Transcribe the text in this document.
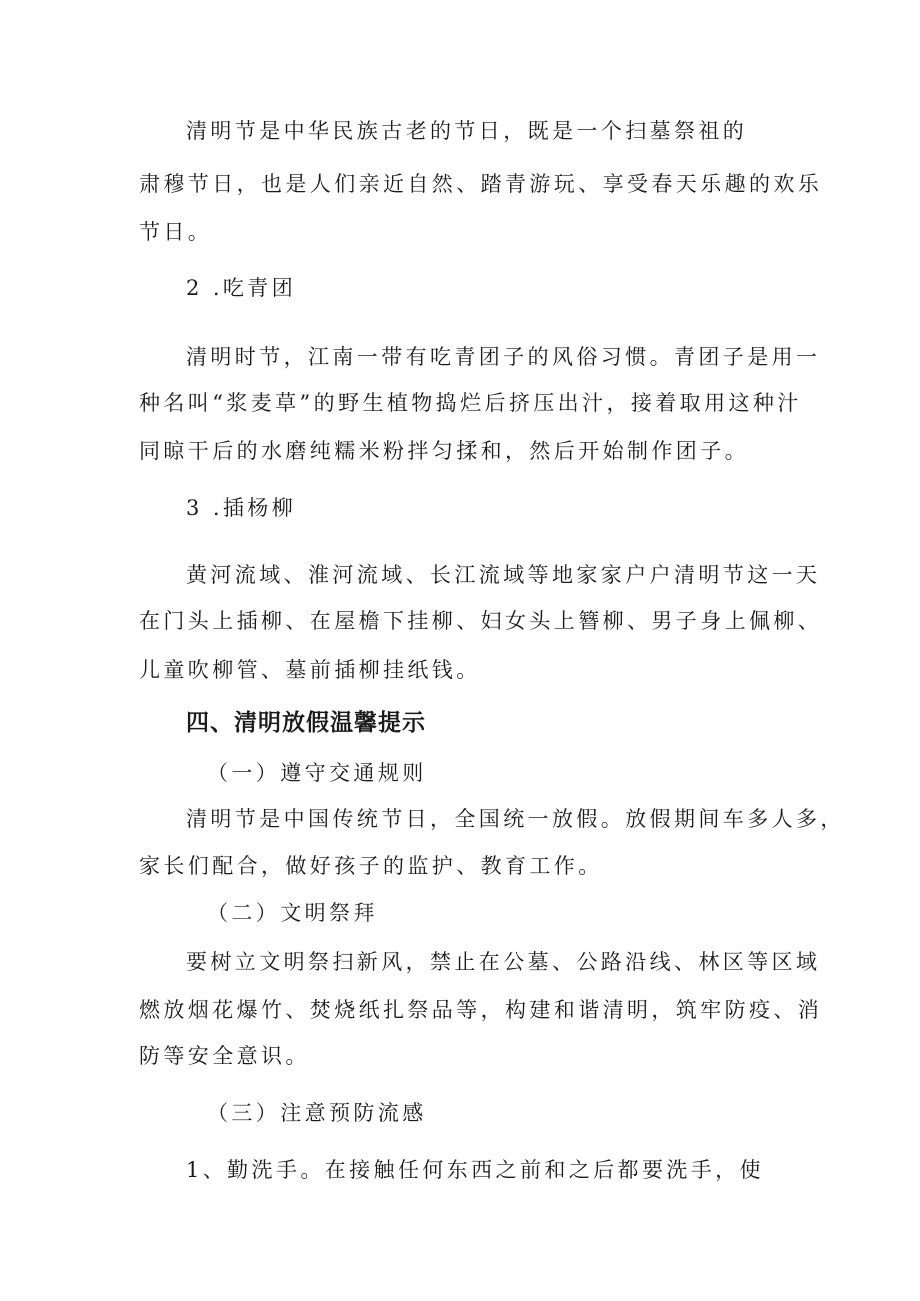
清明节是中华民族古老的节日，既是一个扫墓祭祖的
肃穆节日，也是人们亲近自然、踏青游玩、享受春天乐趣的欢乐
节日。
2 .吃青团
清明时节，江南一带有吃青团子的风俗习惯。青团子是用一
种名叫“浆麦草”的野生植物捣烂后挤压出汁，接着取用这种汁
同晾干后的水磨纯糯米粉拌匀揉和，然后开始制作团子。
3 .插杨柳
黄河流域、淮河流域、长江流域等地家家户户清明节这一天
在门头上插柳、在屋檐下挂柳、妇女头上簪柳、男子身上佩柳、
儿童吹柳管、墓前插柳挂纸钱。
四、清明放假温馨提示
（一）遵守交通规则
清明节是中国传统节日，全国统一放假。放假期间车多人多，
家长们配合，做好孩子的监护、教育工作。
（二）文明祭拜
要树立文明祭扫新风，禁止在公墓、公路沿线、林区等区域
燃放烟花爆竹、焚烧纸扎祭品等，构建和谐清明，筑牢防疫、消
防等安全意识。
（三）注意预防流感
1、勤洗手。在接触任何东西之前和之后都要洗手，使
